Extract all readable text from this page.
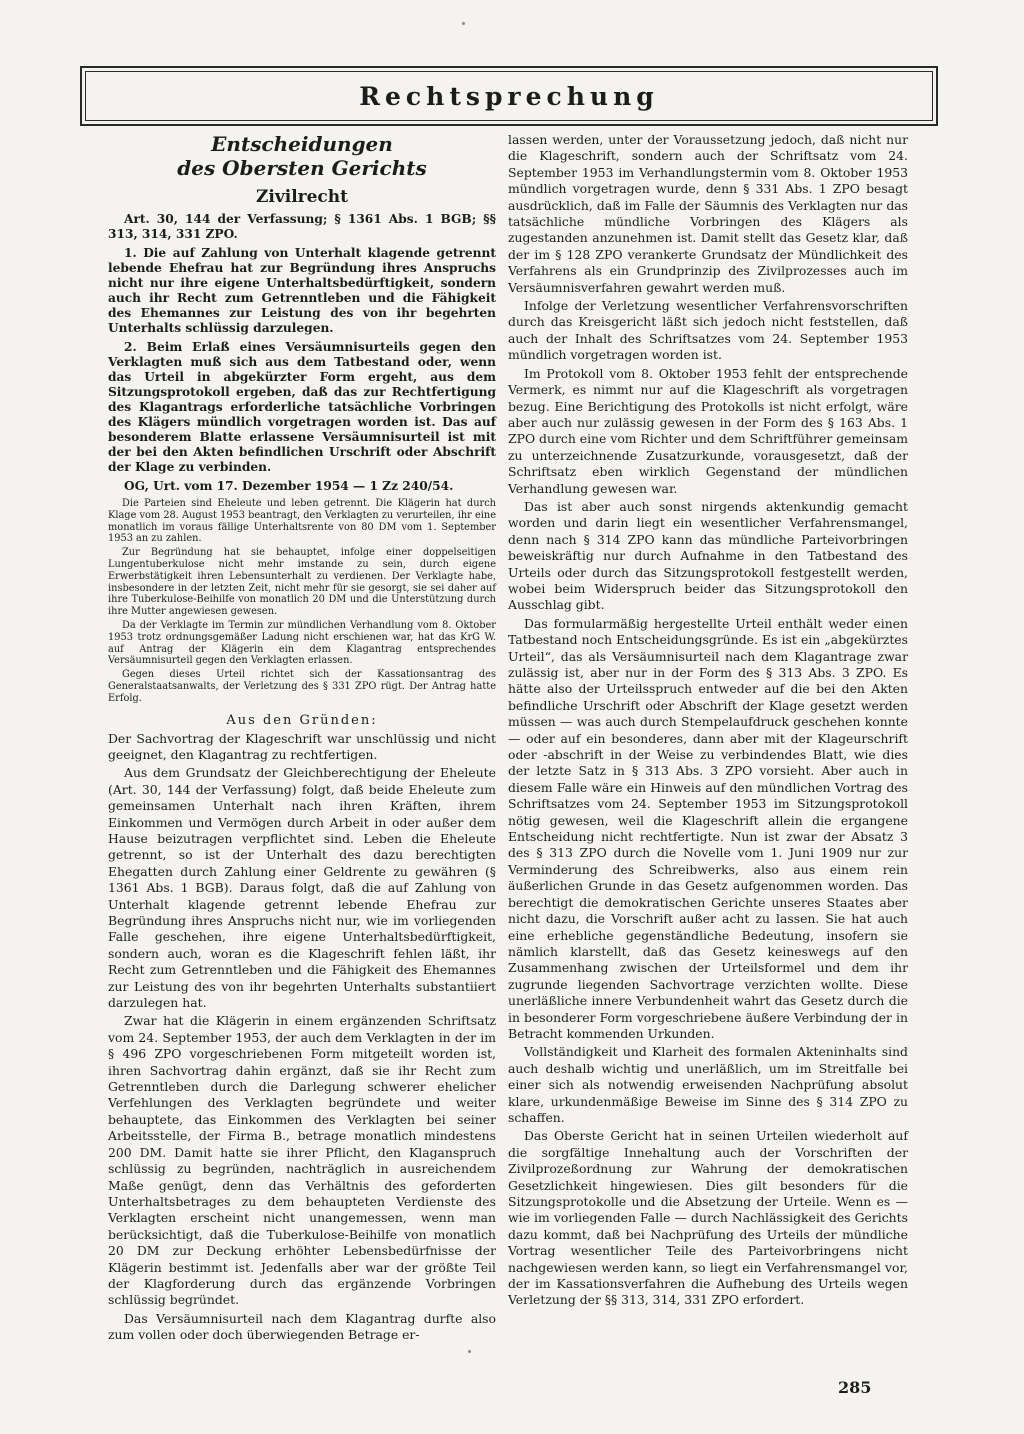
Rechtsprechung

Entscheidungen

des Obersten Gerichts

Zivilrecht

Art. 30, 144 der Verfassung; § 1361 Abs. 1 BGB; §§ 313, 314, 331 ZPO.

1. Die auf Zahlung von Unterhalt klagende getrennt lebende Ehefrau hat zur Begründung ihres Anspruchs nicht nur ihre eigene Unterhaltsbedürftigkeit, sondern auch ihr Recht zum Getrenntleben und die Fähigkeit des Ehemannes zur Leistung des von ihr begehrten Unterhalts schlüssig darzulegen.

2. Beim Erlaß eines Versäumnisurteils gegen den Verklagten muß sich aus dem Tatbestand oder, wenn das Urteil in abgekürzter Form ergeht, aus dem Sitzungsprotokoll ergeben, daß das zur Rechtfertigung des Klagantrags erforderliche tatsächliche Vorbringen des Klägers mündlich vorgetragen worden ist. Das auf besonderem Blatte erlassene Versäumnisurteil ist mit der bei den Akten befindlichen Urschrift oder Abschrift der Klage zu verbinden.

OG, Urt. vom 17. Dezember 1954 — 1 Zz 240/54.

Die Parteien sind Eheleute und leben getrennt. Die Klägerin hat durch Klage vom 28. August 1953 beantragt, den Verklagten zu verurteilen, ihr eine monatlich im voraus fällige Unterhaltsrente von 80 DM vom 1. September 1953 an zu zahlen.

Zur Begründung hat sie behauptet, infolge einer doppelseitigen Lungentuberkulose nicht mehr imstande zu sein, durch eigene Erwerbstätigkeit ihren Lebensunterhalt zu verdienen. Der Verklagte habe, insbesondere in der letzten Zeit, nicht mehr für sie gesorgt, sie sei daher auf ihre Tuberkulose-Beihilfe von monatlich 20 DM und die Unterstützung durch ihre Mutter angewiesen gewesen.

Da der Verklagte im Termin zur mündlichen Verhandlung vom 8. Oktober 1953 trotz ordnungsgemäßer Ladung nicht erschienen war, hat das KrG W. auf Antrag der Klägerin ein dem Klagantrag entsprechendes Versäumnisurteil gegen den Verklagten erlassen.

Gegen dieses Urteil richtet sich der Kassationsantrag des Generalstaatsanwalts, der Verletzung des § 331 ZPO rügt. Der Antrag hatte Erfolg.

Aus den Gründen:

Der Sachvortrag der Klageschrift war unschlüssig und nicht geeignet, den Klagantrag zu rechtfertigen.

Aus dem Grundsatz der Gleichberechtigung der Eheleute (Art. 30, 144 der Verfassung) folgt, daß beide Eheleute zum gemeinsamen Unterhalt nach ihren Kräften, ihrem Einkommen und Vermögen durch Arbeit in oder außer dem Hause beizutragen verpflichtet sind. Leben die Eheleute getrennt, so ist der Unterhalt des dazu berechtigten Ehegatten durch Zahlung einer Geldrente zu gewähren (§ 1361 Abs. 1 BGB). Daraus folgt, daß die auf Zahlung von Unterhalt klagende getrennt lebende Ehefrau zur Begründung ihres Anspruchs nicht nur, wie im vorliegenden Falle geschehen, ihre eigene Unterhaltsbedürftigkeit, sondern auch, woran es die Klageschrift fehlen läßt, ihr Recht zum Getrenntleben und die Fähigkeit des Ehemannes zur Leistung des von ihr begehrten Unterhalts substantiiert darzulegen hat.

Zwar hat die Klägerin in einem ergänzenden Schriftsatz vom 24. September 1953, der auch dem Verklagten in der im § 496 ZPO vorgeschriebenen Form mitgeteilt worden ist, ihren Sachvortrag dahin ergänzt, daß sie ihr Recht zum Getrenntleben durch die Darlegung schwerer ehelicher Verfehlungen des Verklagten begründete und weiter behauptete, das Einkommen des Verklagten bei seiner Arbeitsstelle, der Firma B., betrage monatlich mindestens 200 DM. Damit hatte sie ihrer Pflicht, den Klaganspruch schlüssig zu begründen, nachträglich in ausreichendem Maße genügt, denn das Verhältnis des geforderten Unterhaltsbetrages zu dem behaupteten Verdienste des Verklagten erscheint nicht unangemessen, wenn man berücksichtigt, daß die Tuberkulose-Beihilfe von monatlich 20 DM zur Deckung erhöhter Lebensbedürfnisse der Klägerin bestimmt ist. Jedenfalls aber war der größte Teil der Klagforderung durch das ergänzende Vorbringen schlüssig begründet.

Das Versäumnisurteil nach dem Klagantrag durfte also zum vollen oder doch überwiegenden Betrage er-

lassen werden, unter der Voraussetzung jedoch, daß nicht nur die Klageschrift, sondern auch der Schriftsatz vom 24. September 1953 im Verhandlungstermin vom 8. Oktober 1953 mündlich vorgetragen wurde, denn § 331 Abs. 1 ZPO besagt ausdrücklich, daß im Falle der Säumnis des Verklagten nur das tatsächliche mündliche Vorbringen des Klägers als zugestanden anzunehmen ist. Damit stellt das Gesetz klar, daß der im § 128 ZPO verankerte Grundsatz der Mündlichkeit des Verfahrens als ein Grundprinzip des Zivilprozesses auch im Versäumnisverfahren gewahrt werden muß.

Infolge der Verletzung wesentlicher Verfahrensvorschriften durch das Kreisgericht läßt sich jedoch nicht feststellen, daß auch der Inhalt des Schriftsatzes vom 24. September 1953 mündlich vorgetragen worden ist.

Im Protokoll vom 8. Oktober 1953 fehlt der entsprechende Vermerk, es nimmt nur auf die Klageschrift als vorgetragen bezug. Eine Berichtigung des Protokolls ist nicht erfolgt, wäre aber auch nur zulässig gewesen in der Form des § 163 Abs. 1 ZPO durch eine vom Richter und dem Schriftführer gemeinsam zu unterzeichnende Zusatzurkunde, vorausgesetzt, daß der Schriftsatz eben wirklich Gegenstand der mündlichen Verhandlung gewesen war.

Das ist aber auch sonst nirgends aktenkundig gemacht worden und darin liegt ein wesentlicher Verfahrensmangel, denn nach § 314 ZPO kann das mündliche Parteivorbringen beweiskräftig nur durch Aufnahme in den Tatbestand des Urteils oder durch das Sitzungsprotokoll festgestellt werden, wobei beim Widerspruch beider das Sitzungsprotokoll den Ausschlag gibt.

Das formularmäßig hergestellte Urteil enthält weder einen Tatbestand noch Entscheidungsgründe. Es ist ein „abgekürztes Urteil“, das als Versäumnisurteil nach dem Klagantrage zwar zulässig ist, aber nur in der Form des § 313 Abs. 3 ZPO. Es hätte also der Urteilsspruch entweder auf die bei den Akten befindliche Urschrift oder Abschrift der Klage gesetzt werden müssen — was auch durch Stempelaufdruck geschehen konnte — oder auf ein besonderes, dann aber mit der Klageurschrift oder -abschrift in der Weise zu verbindendes Blatt, wie dies der letzte Satz in § 313 Abs. 3 ZPO vorsieht. Aber auch in diesem Falle wäre ein Hinweis auf den mündlichen Vortrag des Schriftsatzes vom 24. September 1953 im Sitzungsprotokoll nötig gewesen, weil die Klageschrift allein die ergangene Entscheidung nicht rechtfertigte. Nun ist zwar der Absatz 3 des § 313 ZPO durch die Novelle vom 1. Juni 1909 nur zur Verminderung des Schreibwerks, also aus einem rein äußerlichen Grunde in das Gesetz aufgenommen worden. Das berechtigt die demokratischen Gerichte unseres Staates aber nicht dazu, die Vorschrift außer acht zu lassen. Sie hat auch eine erhebliche gegenständliche Bedeutung, insofern sie nämlich klarstellt, daß das Gesetz keineswegs auf den Zusammenhang zwischen der Urteilsformel und dem ihr zugrunde liegenden Sachvortrage verzichten wollte. Diese unerläßliche innere Verbundenheit wahrt das Gesetz durch die in besonderer Form vorgeschriebene äußere Verbindung der in Betracht kommenden Urkunden.

Vollständigkeit und Klarheit des formalen Akteninhalts sind auch deshalb wichtig und unerläßlich, um im Streitfalle bei einer sich als notwendig erweisenden Nachprüfung absolut klare, urkundenmäßige Beweise im Sinne des § 314 ZPO zu schaffen.

Das Oberste Gericht hat in seinen Urteilen wiederholt auf die sorgfältige Innehaltung auch der Vorschriften der Zivilprozeßordnung zur Wahrung der demokratischen Gesetzlichkeit hingewiesen. Dies gilt besonders für die Sitzungsprotokolle und die Absetzung der Urteile. Wenn es — wie im vorliegenden Falle — durch Nachlässigkeit des Gerichts dazu kommt, daß bei Nachprüfung des Urteils der mündliche Vortrag wesentlicher Teile des Parteivorbringens nicht nachgewiesen werden kann, so liegt ein Verfahrensmangel vor, der im Kassationsverfahren die Aufhebung des Urteils wegen Verletzung der §§ 313, 314, 331 ZPO erfordert.

285
